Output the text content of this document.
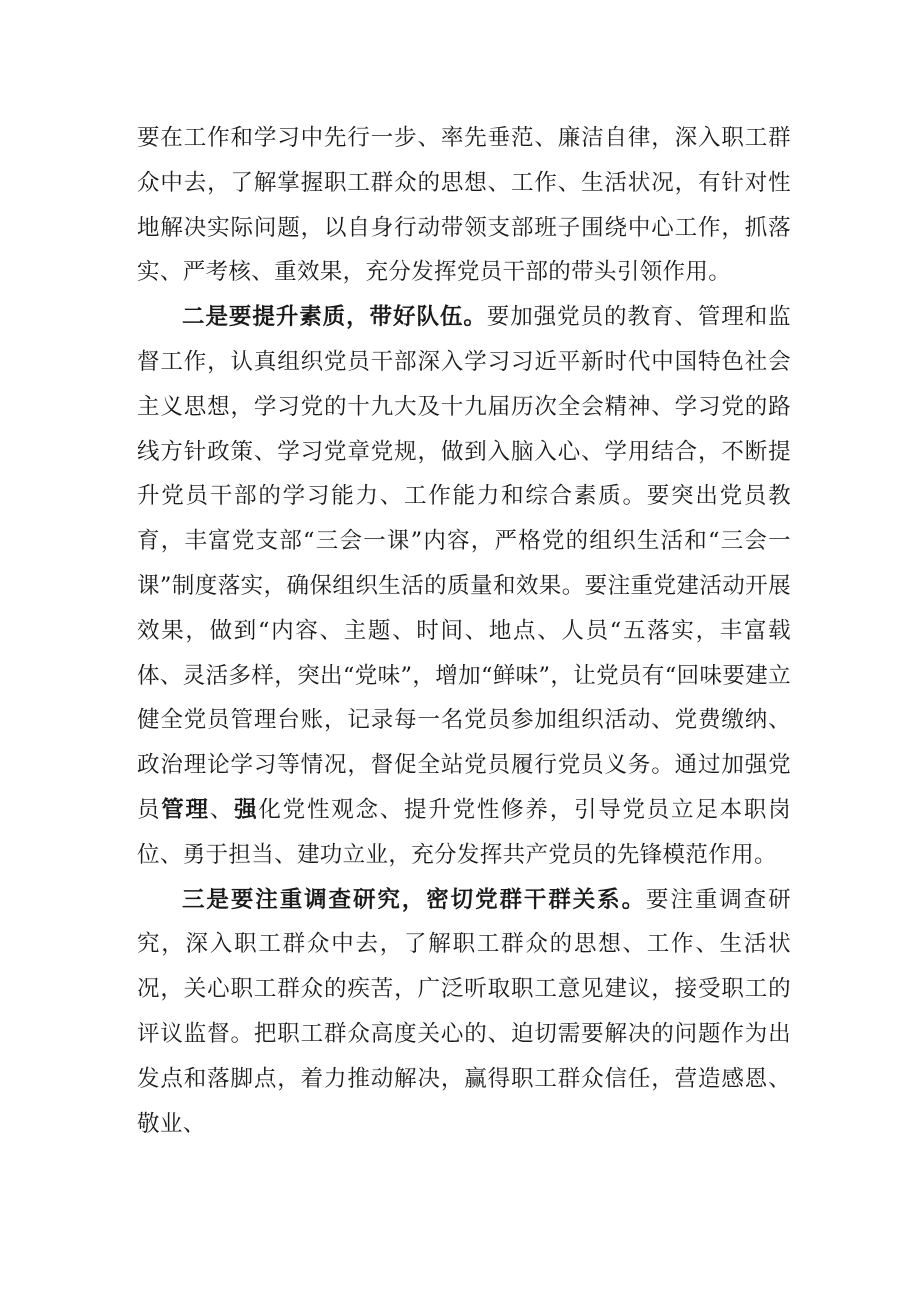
要在工作和学习中先行一步、率先垂范、廉洁自律，深入职工群众中去，了解掌握职工群众的思想、工作、生活状况，有针对性地解决实际问题，以自身行动带领支部班子围绕中心工作，抓落实、严考核、重效果，充分发挥党员干部的带头引领作用。

二是要提升素质，带好队伍。要加强党员的教育、管理和监督工作，认真组织党员干部深入学习习近平新时代中国特色社会主义思想，学习党的十九大及十九届历次全会精神、学习党的路线方针政策、学习党章党规，做到入脑入心、学用结合，不断提升党员干部的学习能力、工作能力和综合素质。要突出党员教育，丰富党支部“三会一课”内容，严格党的组织生活和“三会一课”制度落实，确保组织生活的质量和效果。要注重党建活动开展效果，做到“内容、主题、时间、地点、人员“五落实，丰富载体、灵活多样，突出“党味”，增加“鲜味”，让党员有“回味要建立健全党员管理台账，记录每一名党员参加组织活动、党费缴纳、政治理论学习等情况，督促全站党员履行党员义务。通过加强党员管理、强化党性观念、提升党性修养，引导党员立足本职岗位、勇于担当、建功立业，充分发挥共产党员的先锋模范作用。

三是要注重调查研究，密切党群干群关系。要注重调查研究，深入职工群众中去，了解职工群众的思想、工作、生活状况，关心职工群众的疾苦，广泛听取职工意见建议，接受职工的评议监督。把职工群众高度关心的、迫切需要解决的问题作为出发点和落脚点，着力推动解决，赢得职工群众信任，营造感恩、敬业、
